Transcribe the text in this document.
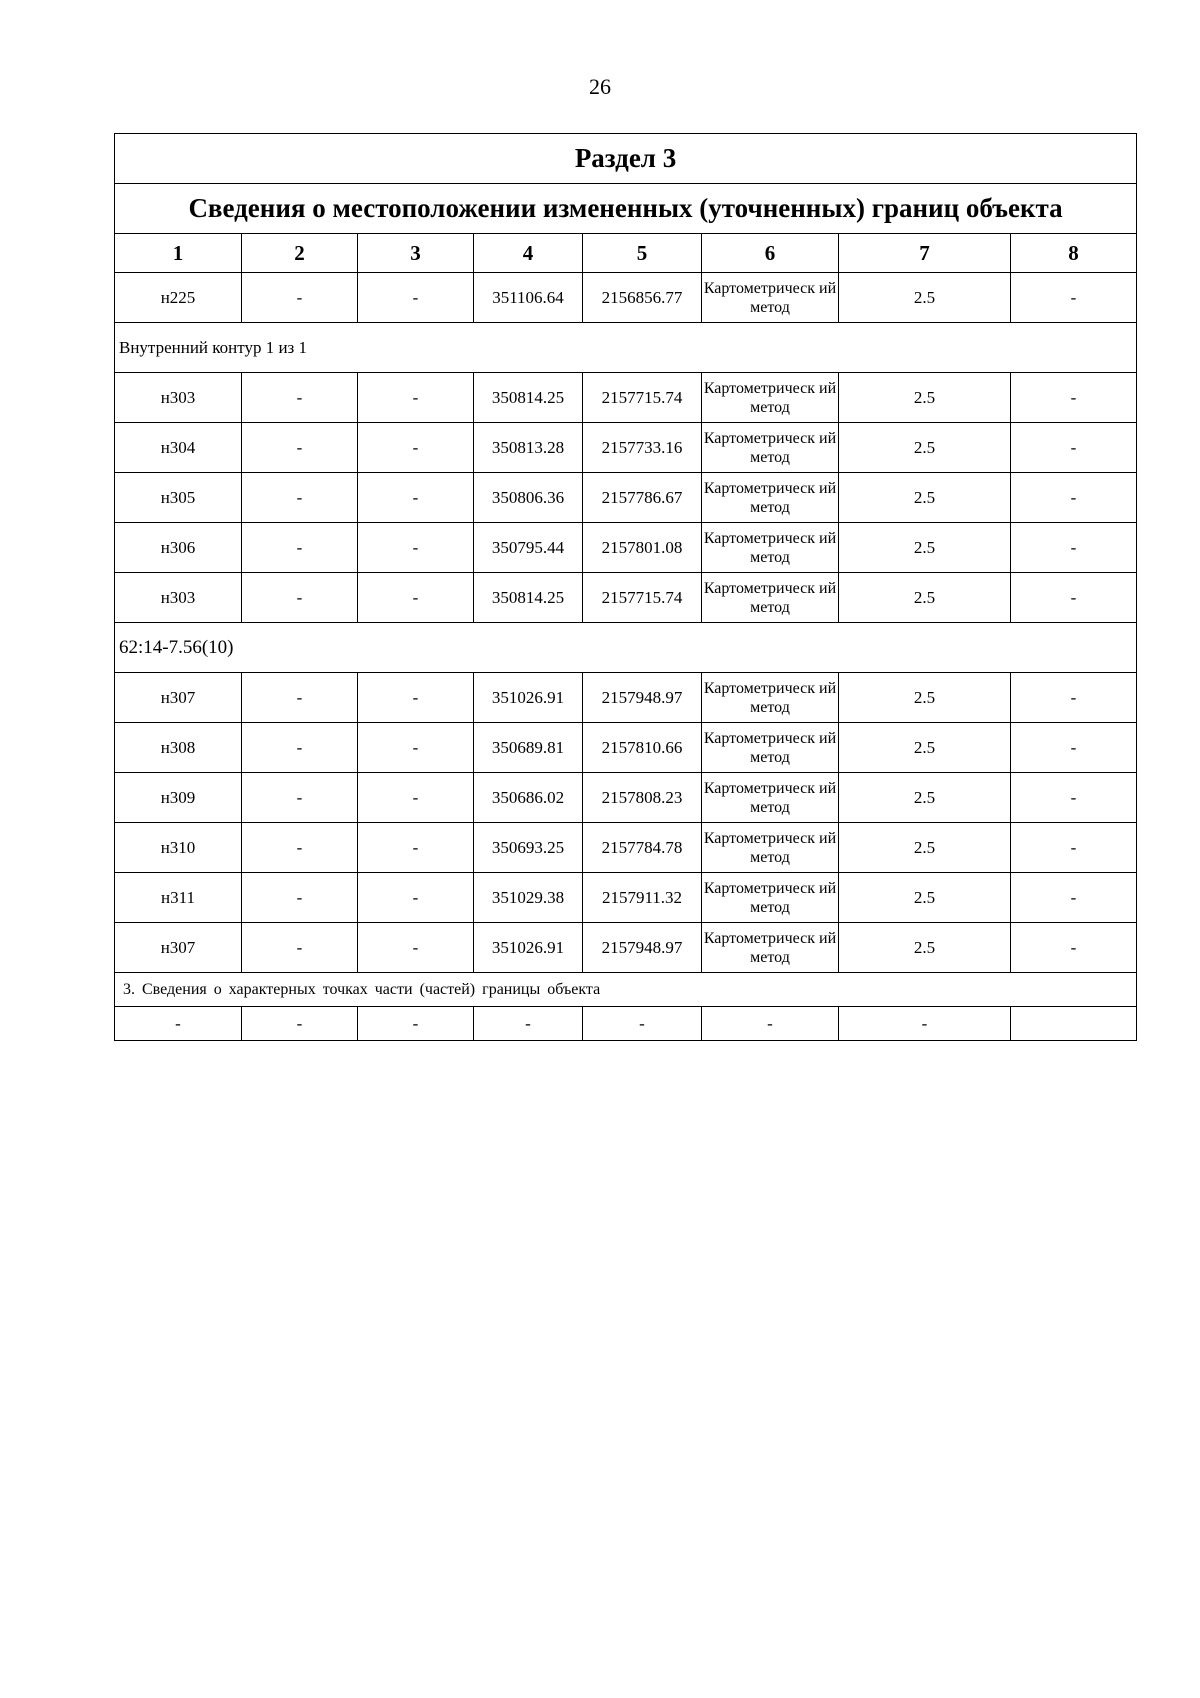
26
Раздел 3							
Сведения о местоположении измененных (уточненных) границ объекта							
1	2	3	4	5	6	7	8
н225	-	-	351106.64	2156856.77	Картометрическ ий метод	2.5	-
Внутренний контур 1 из 1							
н303	-	-	350814.25	2157715.74	Картометрическ ий метод	2.5	-
н304	-	-	350813.28	2157733.16	Картометрическ ий метод	2.5	-
н305	-	-	350806.36	2157786.67	Картометрическ ий метод	2.5	-
н306	-	-	350795.44	2157801.08	Картометрическ ий метод	2.5	-
н303	-	-	350814.25	2157715.74	Картометрическ ий метод	2.5	-
62:14-7.56(10)							
н307	-	-	351026.91	2157948.97	Картометрическ ий метод	2.5	-
н308	-	-	350689.81	2157810.66	Картометрическ ий метод	2.5	-
н309	-	-	350686.02	2157808.23	Картометрическ ий метод	2.5	-
н310	-	-	350693.25	2157784.78	Картометрическ ий метод	2.5	-
н311	-	-	351029.38	2157911.32	Картометрическ ий метод	2.5	-
н307	-	-	351026.91	2157948.97	Картометрическ ий метод	2.5	-
3. Сведения о характерных точках части (частей) границы объекта							
-	-	-	-	-	-	-	
